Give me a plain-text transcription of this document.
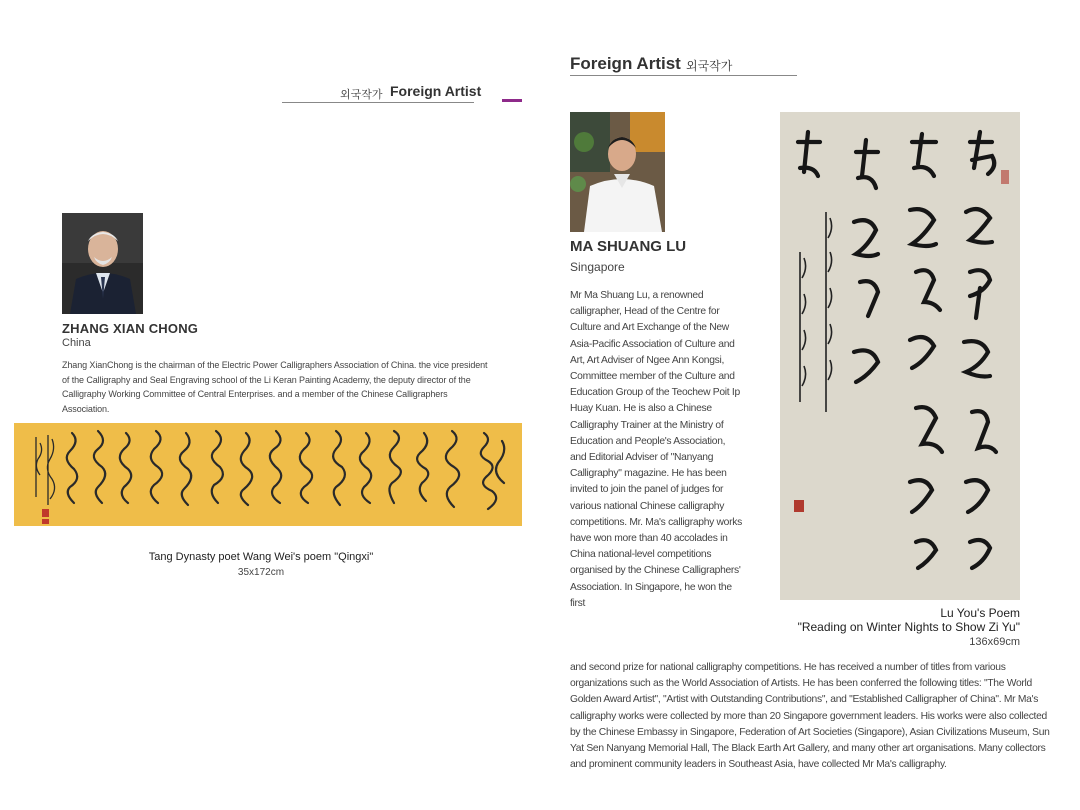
외국작가 Foreign Artist
ZHANG XIAN CHONG
China
Zhang XianChong is the chairman of the Electric Power Calligraphers Association of China. the vice president of the Calligraphy and Seal Engraving school of the Li Keran Painting Academy, the deputy director of the Calligraphy Working Committee of Central Enterprises. and a member of the Chinese Calligraphers Association.
Tang Dynasty poet Wang Wei's poem "Qingxi"
35x172cm
Foreign Artist 외국작가
MA SHUANG LU
Singapore
Mr Ma Shuang Lu, a renowned calligrapher, Head of the Centre for Culture and Art Exchange of the New Asia-Pacific Association of Culture and Art, Art Adviser of Ngee Ann Kongsi, Committee member of the Culture and Education Group of the Teochew Poit Ip Huay Kuan. He is also a Chinese Calligraphy Trainer at the Ministry of Education and People's Association, and Editorial Adviser of "Nanyang Calligraphy" magazine. He has been invited to join the panel of judges for various national Chinese calligraphy competitions. Mr. Ma's calligraphy works have won more than 40 accolades in China national-level competitions organised by the Chinese Calligraphers' Association. In Singapore, he won the first
and second prize for national calligraphy competitions. He has received a number of titles from various organizations such as the World Association of Artists. He has been conferred the following titles: "The World Golden Award Artist", "Artist with Outstanding Contributions", and "Established Calligrapher of China". Mr Ma's calligraphy works were collected by more than 20 Singapore government leaders. His works were also collected by the Chinese Embassy in Singapore, Federation of Art Societies (Singapore), Asian Civilizations Museum, Sun Yat Sen Nanyang Memorial Hall, The Black Earth Art Gallery, and many other art organisations. Many collectors and prominent community leaders in Southeast Asia, have collected Mr Ma's calligraphy.
Lu You's Poem
"Reading on Winter Nights to Show Zi Yu"
136x69cm
